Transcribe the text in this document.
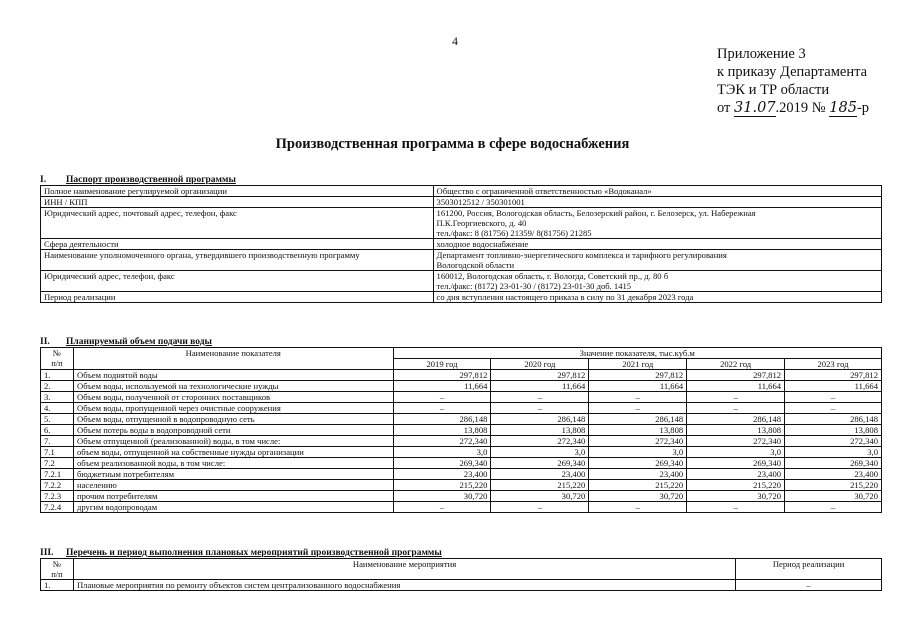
4
Приложение 3
к приказу Департамента
ТЭК и ТР области
от 31.07.2019 № 185-р
Производственная программа в сфере водоснабжения
I. Паспорт производственной программы
Полное наименование регулируемой организации	Общество с ограниченной ответственностью «Водоканал»

ИНН / КПП	3503012512 / 350301001

Юридический адрес, почтовый адрес, телефон, факс	161200, Россия, Вологодская область, Белозерский район, г. Белозерск, ул. Набережная
П.К.Георгиевского, д. 40
тел./факс: 8 (81756) 21359/ 8(81756) 21285

Сфера деятельности	холодное водоснабжение

Наименование уполномоченного органа, утвердившего производственную программу	Департамент топливно-энергетического комплекса и тарифного регулирования
Вологодской области

Юридический адрес, телефон, факс	160012, Вологодская область, г. Вологда, Советский пр., д. 80 б
тел./факс: (8172) 23-01-30 / (8172) 23-01-30 доб. 1415

Период реализации	со дня вступления настоящего приказа в силу по 31 декабря 2023 года
II. Планируемый объем подачи воды
№
п/п	Наименование показателя	Значение показателя, тыс.куб.м				
		2019 год	2020 год	2021 год	2022 год	2023 год
1.	Объем поднятой воды	297,812	297,812	297,812	297,812	297,812
2.	Объем воды, используемой на технологические нужды	11,664	11,664	11,664	11,664	11,664
3.	Объем воды, полученной от сторонних поставщиков	–	–	–	–	–
4.	Объем воды, пропущенной через очистные сооружения	–	–	–	–	–
5.	Объем воды, отпущенной в водопроводную сеть	286,148	286,148	286,148	286,148	286,148
6.	Объем потерь воды в водопроводной сети	13,808	13,808	13,808	13,808	13,808
7.	Объем отпущенной (реализованной) воды, в том числе:	272,340	272,340	272,340	272,340	272,340
7.1	объем воды, отпущенной на собственные нужды организации	3,0	3,0	3,0	3,0	3,0
7.2	объем реализованной воды, в том числе:	269,340	269,340	269,340	269,340	269,340
7.2.1	бюджетным потребителям	23,400	23,400	23,400	23,400	23,400
7.2.2	населению	215,220	215,220	215,220	215,220	215,220
7.2.3	прочим потребителям	30,720	30,720	30,720	30,720	30,720
7.2.4	другим водопроводам	–	–	–	–	–
III. Перечень и период выполнения плановых мероприятий производственной программы
№
п/п	Наименование мероприятия	Период реализации
1.	Плановые мероприятия по ремонту объектов систем централизованного водоснабжения	–
